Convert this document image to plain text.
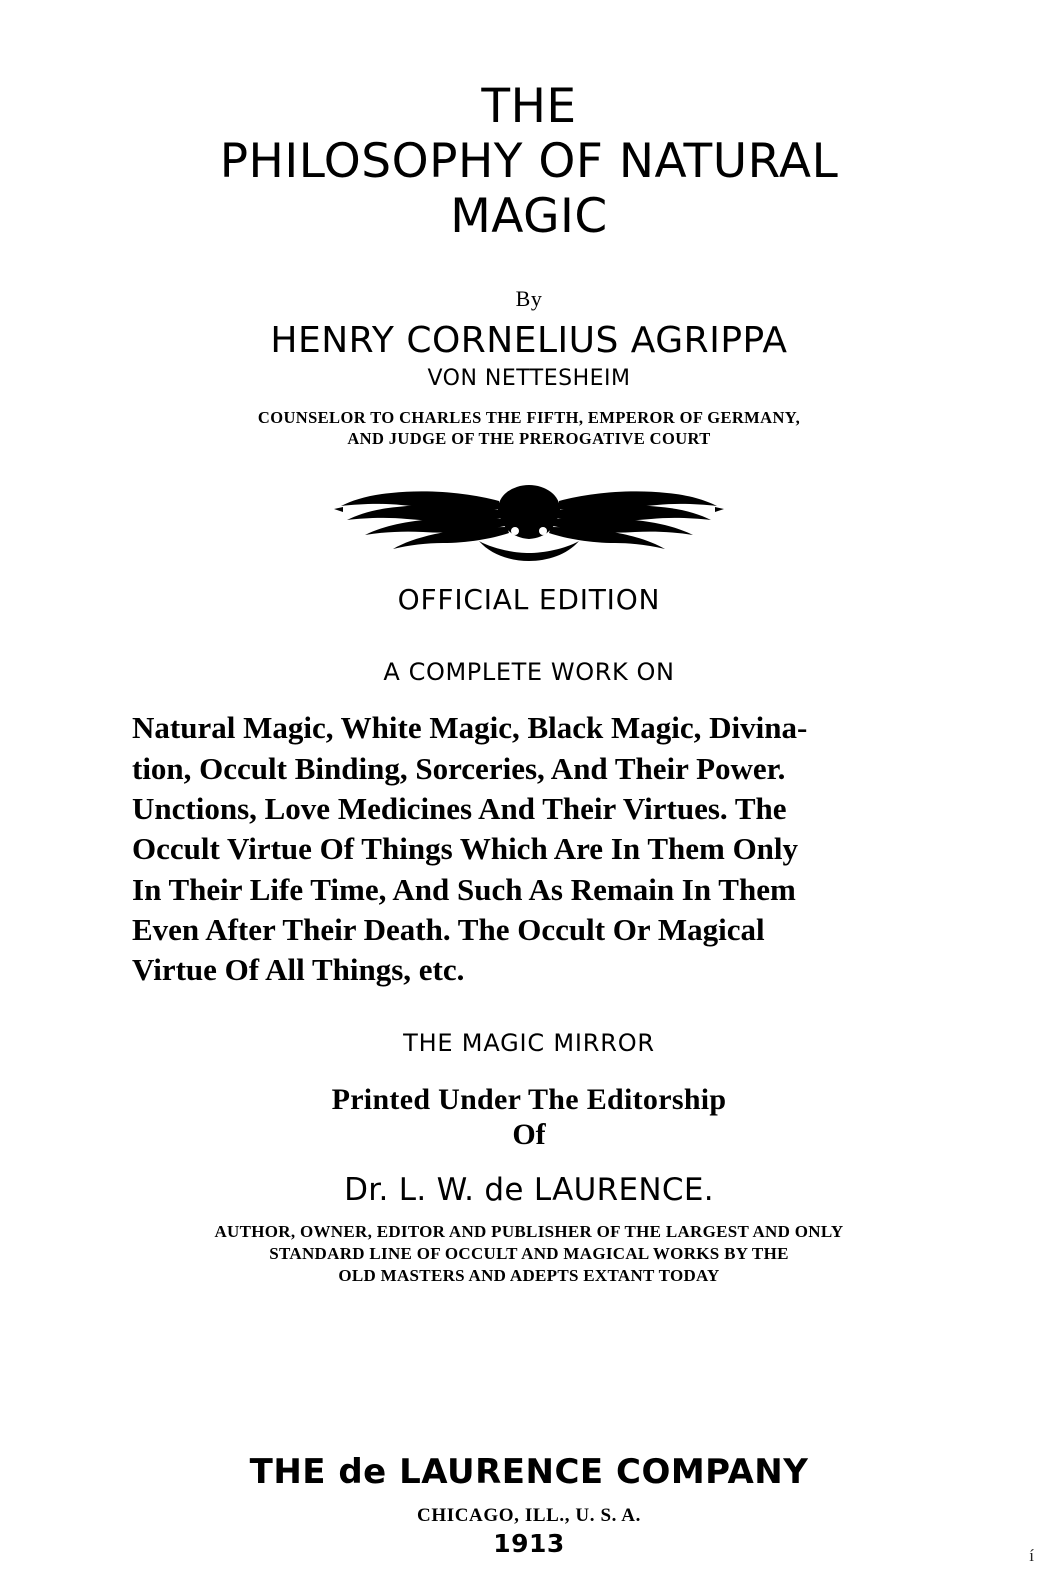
THE
PHILOSOPHY OF NATURAL
MAGIC
By
HENRY CORNELIUS AGRIPPA
VON NETTESHEIM
COUNSELOR TO CHARLES THE FIFTH, EMPEROR OF GERMANY,
AND JUDGE OF THE PREROGATIVE COURT
OFFICIAL EDITION
A COMPLETE WORK ON
Natural Magic, White Magic, Black Magic, Divina-
tion, Occult Binding, Sorceries, And Their Power.
Unctions, Love Medicines And Their Virtues. The
Occult Virtue Of Things Which Are In Them Only
In Their Life Time, And Such As Remain In Them
Even After Their Death. The Occult Or Magical
Virtue Of All Things, etc.
THE MAGIC MIRROR
Printed Under The Editorship
Of
Dr. L. W. de LAURENCE.
AUTHOR, OWNER, EDITOR AND PUBLISHER OF THE LARGEST AND ONLY
STANDARD LINE OF OCCULT AND MAGICAL WORKS BY THE
OLD MASTERS AND ADEPTS EXTANT TODAY
THE de LAURENCE COMPANY
CHICAGO, ILL., U. S. A.
1913	í
